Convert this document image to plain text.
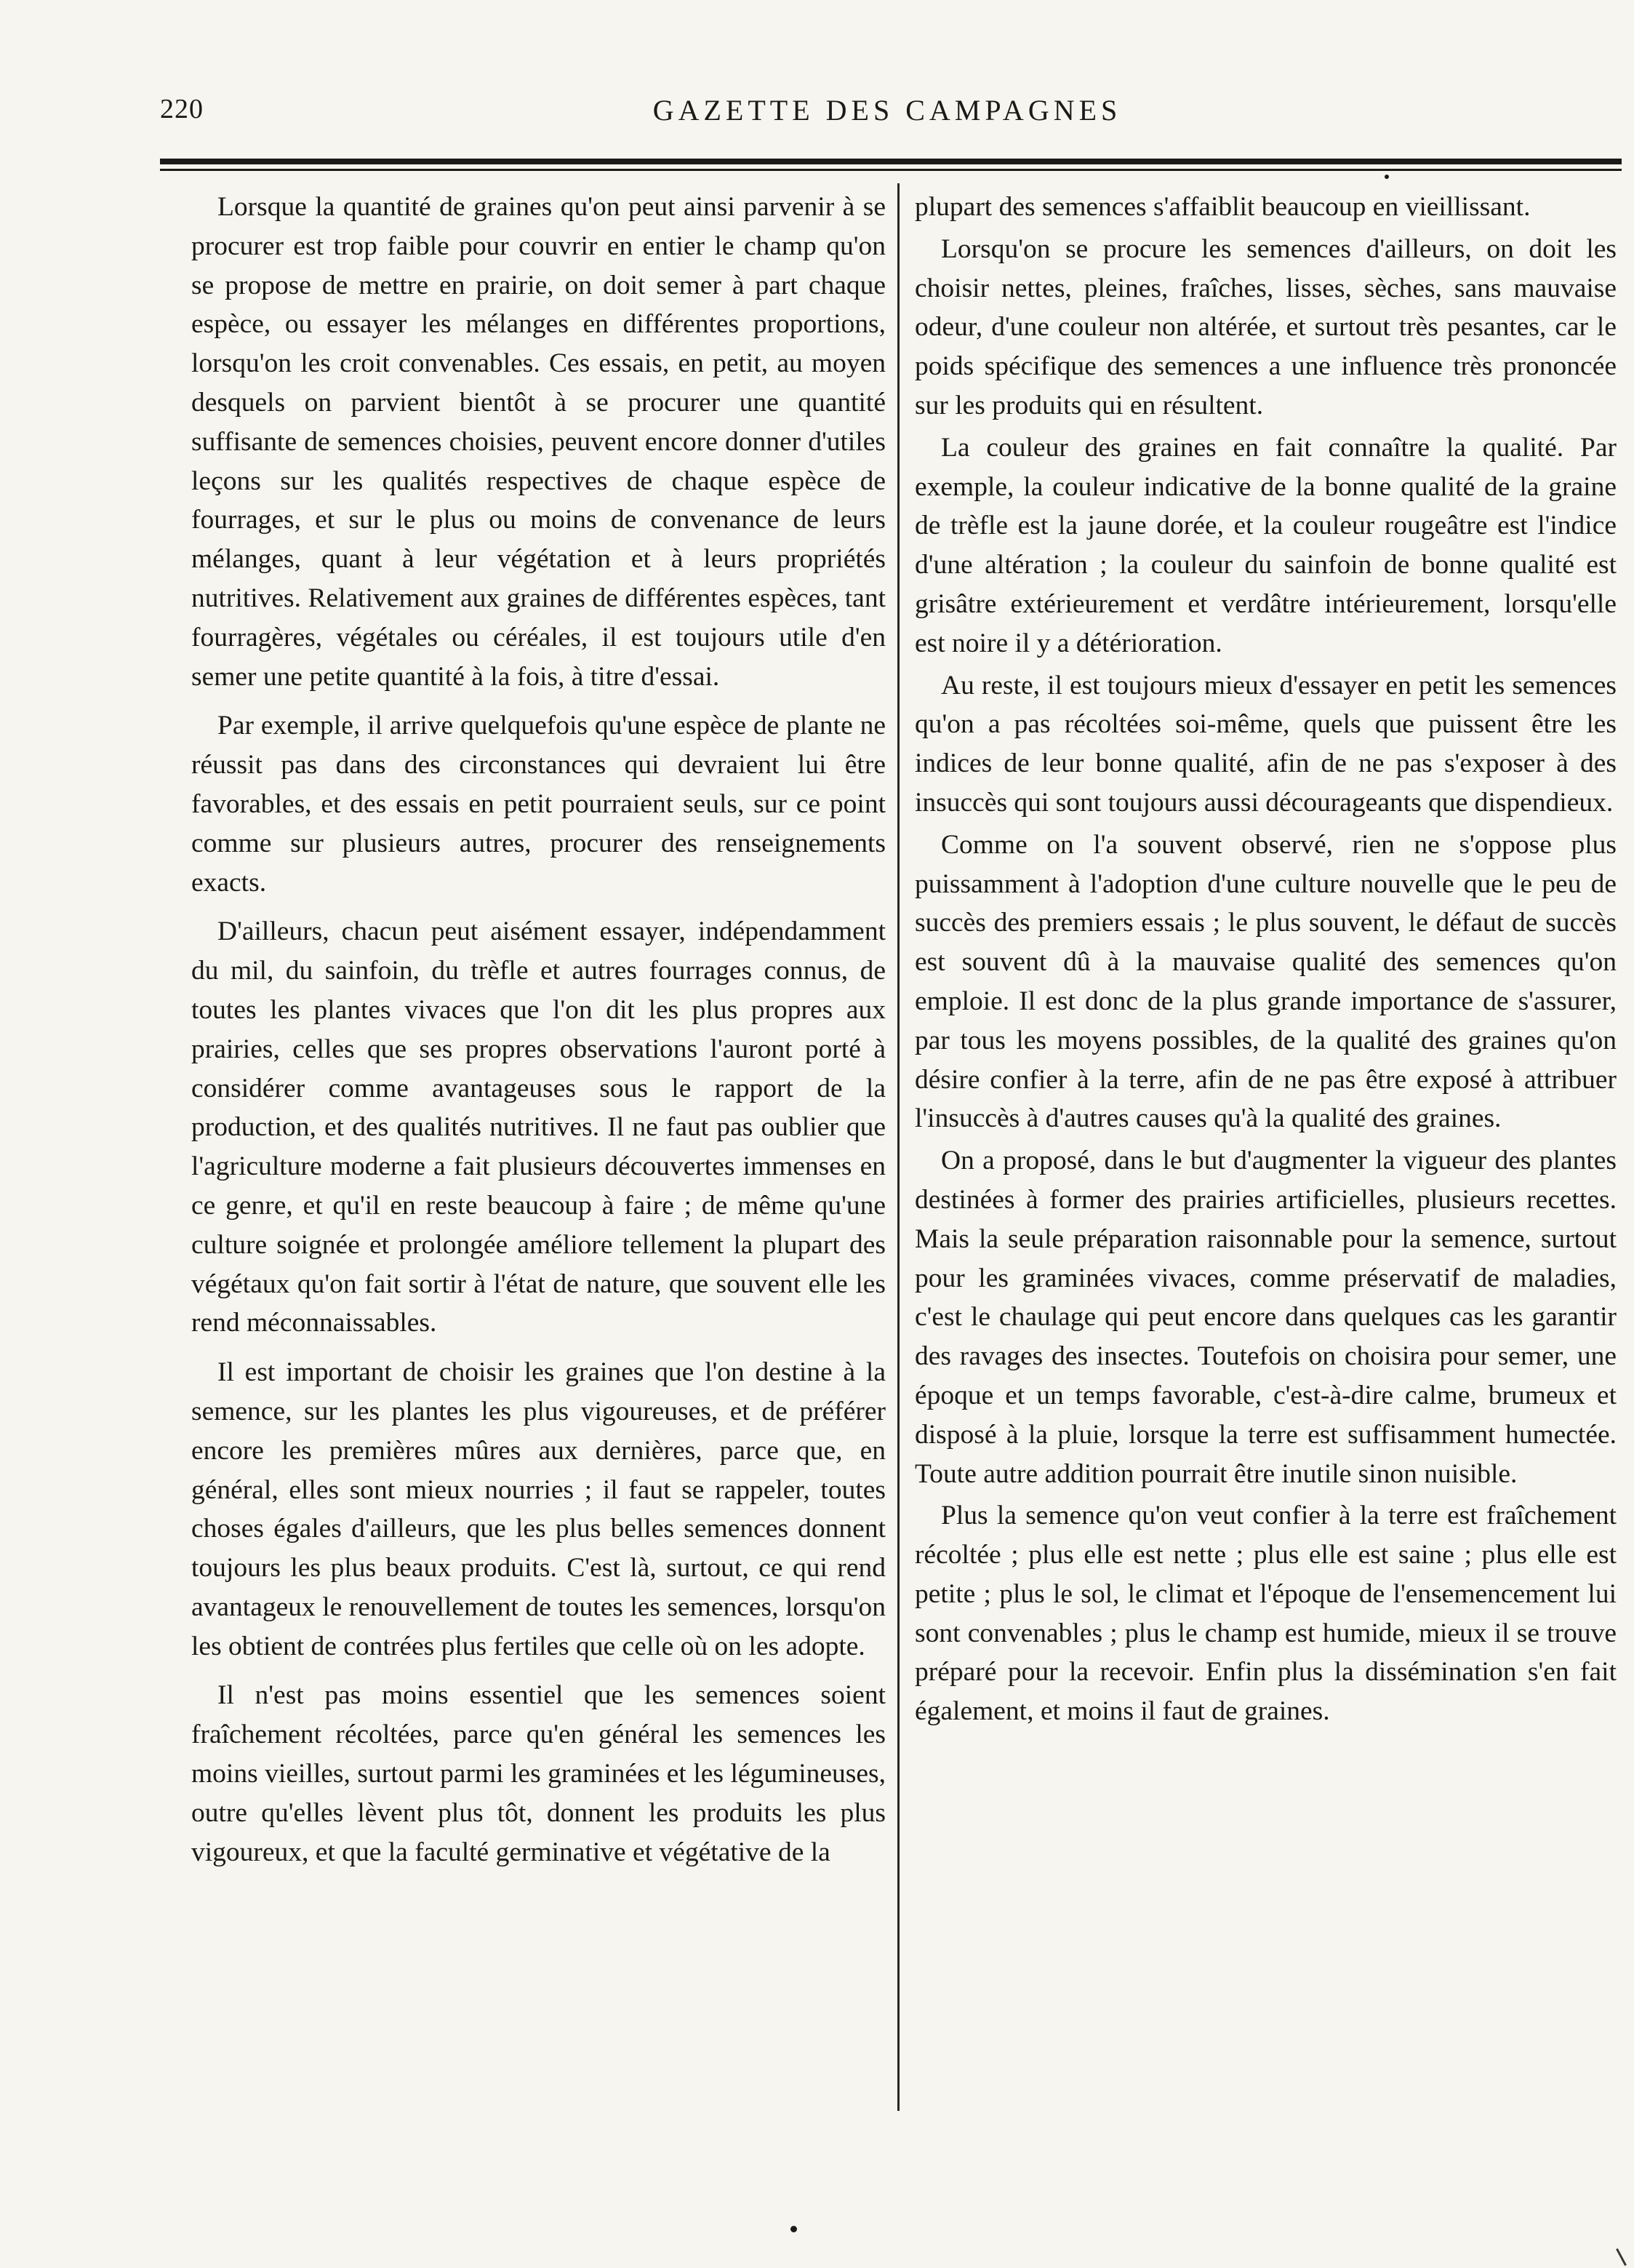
220	GAZETTE DES CAMPAGNES

Lorsque la quantité de graines qu'on peut ainsi parvenir à se procurer est trop faible pour couvrir en entier le champ qu'on se propose de mettre en prairie, on doit semer à part chaque espèce, ou essayer les mélanges en différentes proportions, lorsqu'on les croit convenables. Ces essais, en petit, au moyen desquels on parvient bientôt à se procurer une quantité suffisante de semences choisies, peuvent encore donner d'utiles leçons sur les qualités respectives de chaque espèce de fourrages, et sur le plus ou moins de convenance de leurs mélanges, quant à leur végétation et à leurs propriétés nutritives. Relativement aux graines de différentes espèces, tant fourragères, végétales ou céréales, il est toujours utile d'en semer une petite quantité à la fois, à titre d'essai.

Par exemple, il arrive quelquefois qu'une espèce de plante ne réussit pas dans des circonstances qui devraient lui être favorables, et des essais en petit pourraient seuls, sur ce point comme sur plusieurs autres, procurer des renseignements exacts.

D'ailleurs, chacun peut aisément essayer, indépendamment du mil, du sainfoin, du trèfle et autres fourrages connus, de toutes les plantes vivaces que l'on dit les plus propres aux prairies, celles que ses propres observations l'auront porté à considérer comme avantageuses sous le rapport de la production, et des qualités nutritives. Il ne faut pas oublier que l'agriculture moderne a fait plusieurs découvertes immenses en ce genre, et qu'il en reste beaucoup à faire ; de même qu'une culture soignée et prolongée améliore tellement la plupart des végétaux qu'on fait sortir à l'état de nature, que souvent elle les rend méconnaissables.

Il est important de choisir les graines que l'on destine à la semence, sur les plantes les plus vigoureuses, et de préférer encore les premières mûres aux dernières, parce que, en général, elles sont mieux nourries ; il faut se rappeler, toutes choses égales d'ailleurs, que les plus belles semences donnent toujours les plus beaux produits. C'est là, surtout, ce qui rend avantageux le renouvellement de toutes les semences, lorsqu'on les obtient de contrées plus fertiles que celle où on les adopte.

Il n'est pas moins essentiel que les semences soient fraîchement récoltées, parce qu'en général les semences les moins vieilles, surtout parmi les graminées et les légumineuses, outre qu'elles lèvent plus tôt, donnent les produits les plus vigoureux, et que la faculté germinative et végétative de la

plupart des semences s'affaiblit beaucoup en vieillissant.

Lorsqu'on se procure les semences d'ailleurs, on doit les choisir nettes, pleines, fraîches, lisses, sèches, sans mauvaise odeur, d'une couleur non altérée, et surtout très pesantes, car le poids spécifique des semences a une influence très prononcée sur les produits qui en résultent.

La couleur des graines en fait connaître la qualité. Par exemple, la couleur indicative de la bonne qualité de la graine de trèfle est la jaune dorée, et la couleur rougeâtre est l'indice d'une altération ; la couleur du sainfoin de bonne qualité est grisâtre extérieurement et verdâtre intérieurement, lorsqu'elle est noire il y a détérioration.

Au reste, il est toujours mieux d'essayer en petit les semences qu'on a pas récoltées soi-même, quels que puissent être les indices de leur bonne qualité, afin de ne pas s'exposer à des insuccès qui sont toujours aussi décourageants que dispendieux.

Comme on l'a souvent observé, rien ne s'oppose plus puissamment à l'adoption d'une culture nouvelle que le peu de succès des premiers essais ; le plus souvent, le défaut de succès est souvent dû à la mauvaise qualité des semences qu'on emploie. Il est donc de la plus grande importance de s'assurer, par tous les moyens possibles, de la qualité des graines qu'on désire confier à la terre, afin de ne pas être exposé à attribuer l'insuccès à d'autres causes qu'à la qualité des graines.

On a proposé, dans le but d'augmenter la vigueur des plantes destinées à former des prairies artificielles, plusieurs recettes. Mais la seule préparation raisonnable pour la semence, surtout pour les graminées vivaces, comme préservatif de maladies, c'est le chaulage qui peut encore dans quelques cas les garantir des ravages des insectes. Toutefois on choisira pour semer, une époque et un temps favorable, c'est-à-dire calme, brumeux et disposé à la pluie, lorsque la terre est suffisamment humectée. Toute autre addition pourrait être inutile sinon nuisible.

Plus la semence qu'on veut confier à la terre est fraîchement récoltée ; plus elle est nette ; plus elle est saine ; plus elle est petite ; plus le sol, le climat et l'époque de l'ensemencement lui sont convenables ; plus le champ est humide, mieux il se trouve préparé pour la recevoir. Enfin plus la dissémination s'en fait également, et moins il faut de graines.
